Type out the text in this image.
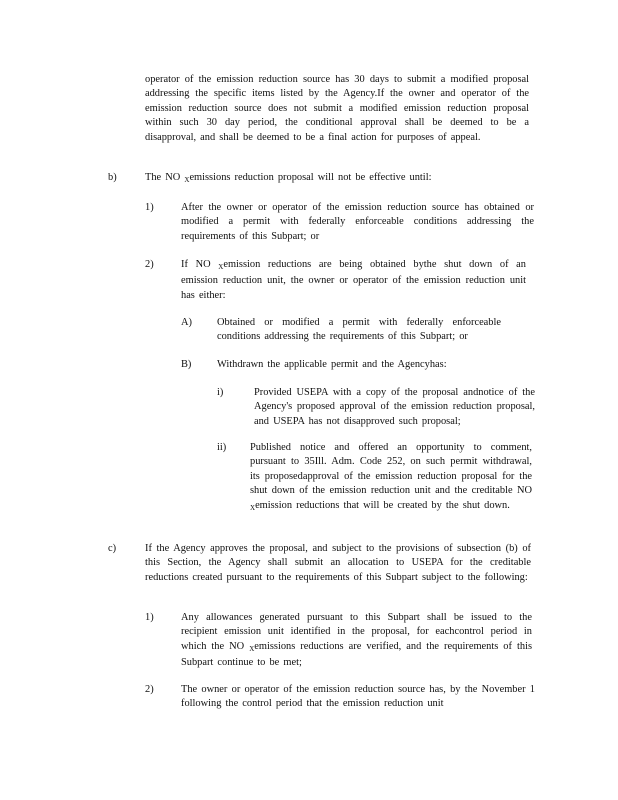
operator of the emission reduction source has 30 days to submit a modified proposal addressing the specific items listed by the Agency.If the owner and operator of the emission reduction source does not submit a modified emission reduction proposal within such 30 day period, the conditional approval shall be deemed to be a disapproval, and shall be deemed to be a final action for purposes of appeal.
b)	The NO $_X$emissions reduction proposal will not be effective until:
1)	After the owner or operator of the emission reduction source has obtained or modified a permit with federally enforceable conditions addressing the requirements of this Subpart; or
2)	If NO $_X$emission reductions are being obtained bythe shut down of an emission reduction unit, the owner or operator of the emission reduction unit has either:
A) Obtained or modified a permit with federally enforceable conditions addressing the requirements of this Subpart; or
B) Withdrawn the applicable permit and the Agencyhas:
i)	Provided USEPA with a copy of the proposal andnotice of the Agency's proposed approval of the emission reduction proposal, and USEPA has not disapproved such proposal;
ii) Published notice and offered an opportunity to comment, pursuant to 35Ill. Adm. Code 252, on such permit withdrawal, its proposedapproval of the emission reduction proposal for the shut down of the emission reduction unit and the creditable NO $_X$emission reductions that will be created by the shut down.
c)	If the Agency approves the proposal, and subject to the provisions of subsection (b) of this Section, the Agency shall submit an allocation to USEPA for the creditable reductions created pursuant to the requirements of this Subpart subject to the following:
1)	Any allowances generated pursuant to this Subpart shall be issued to the recipient emission unit identified in the proposal, for eachcontrol period in which the NO $_X$emissions reductions are verified, and the requirements of this Subpart continue to be met;
2)	The owner or operator of the emission reduction source has, by the November 1 following the control period that the emission reduction unit
